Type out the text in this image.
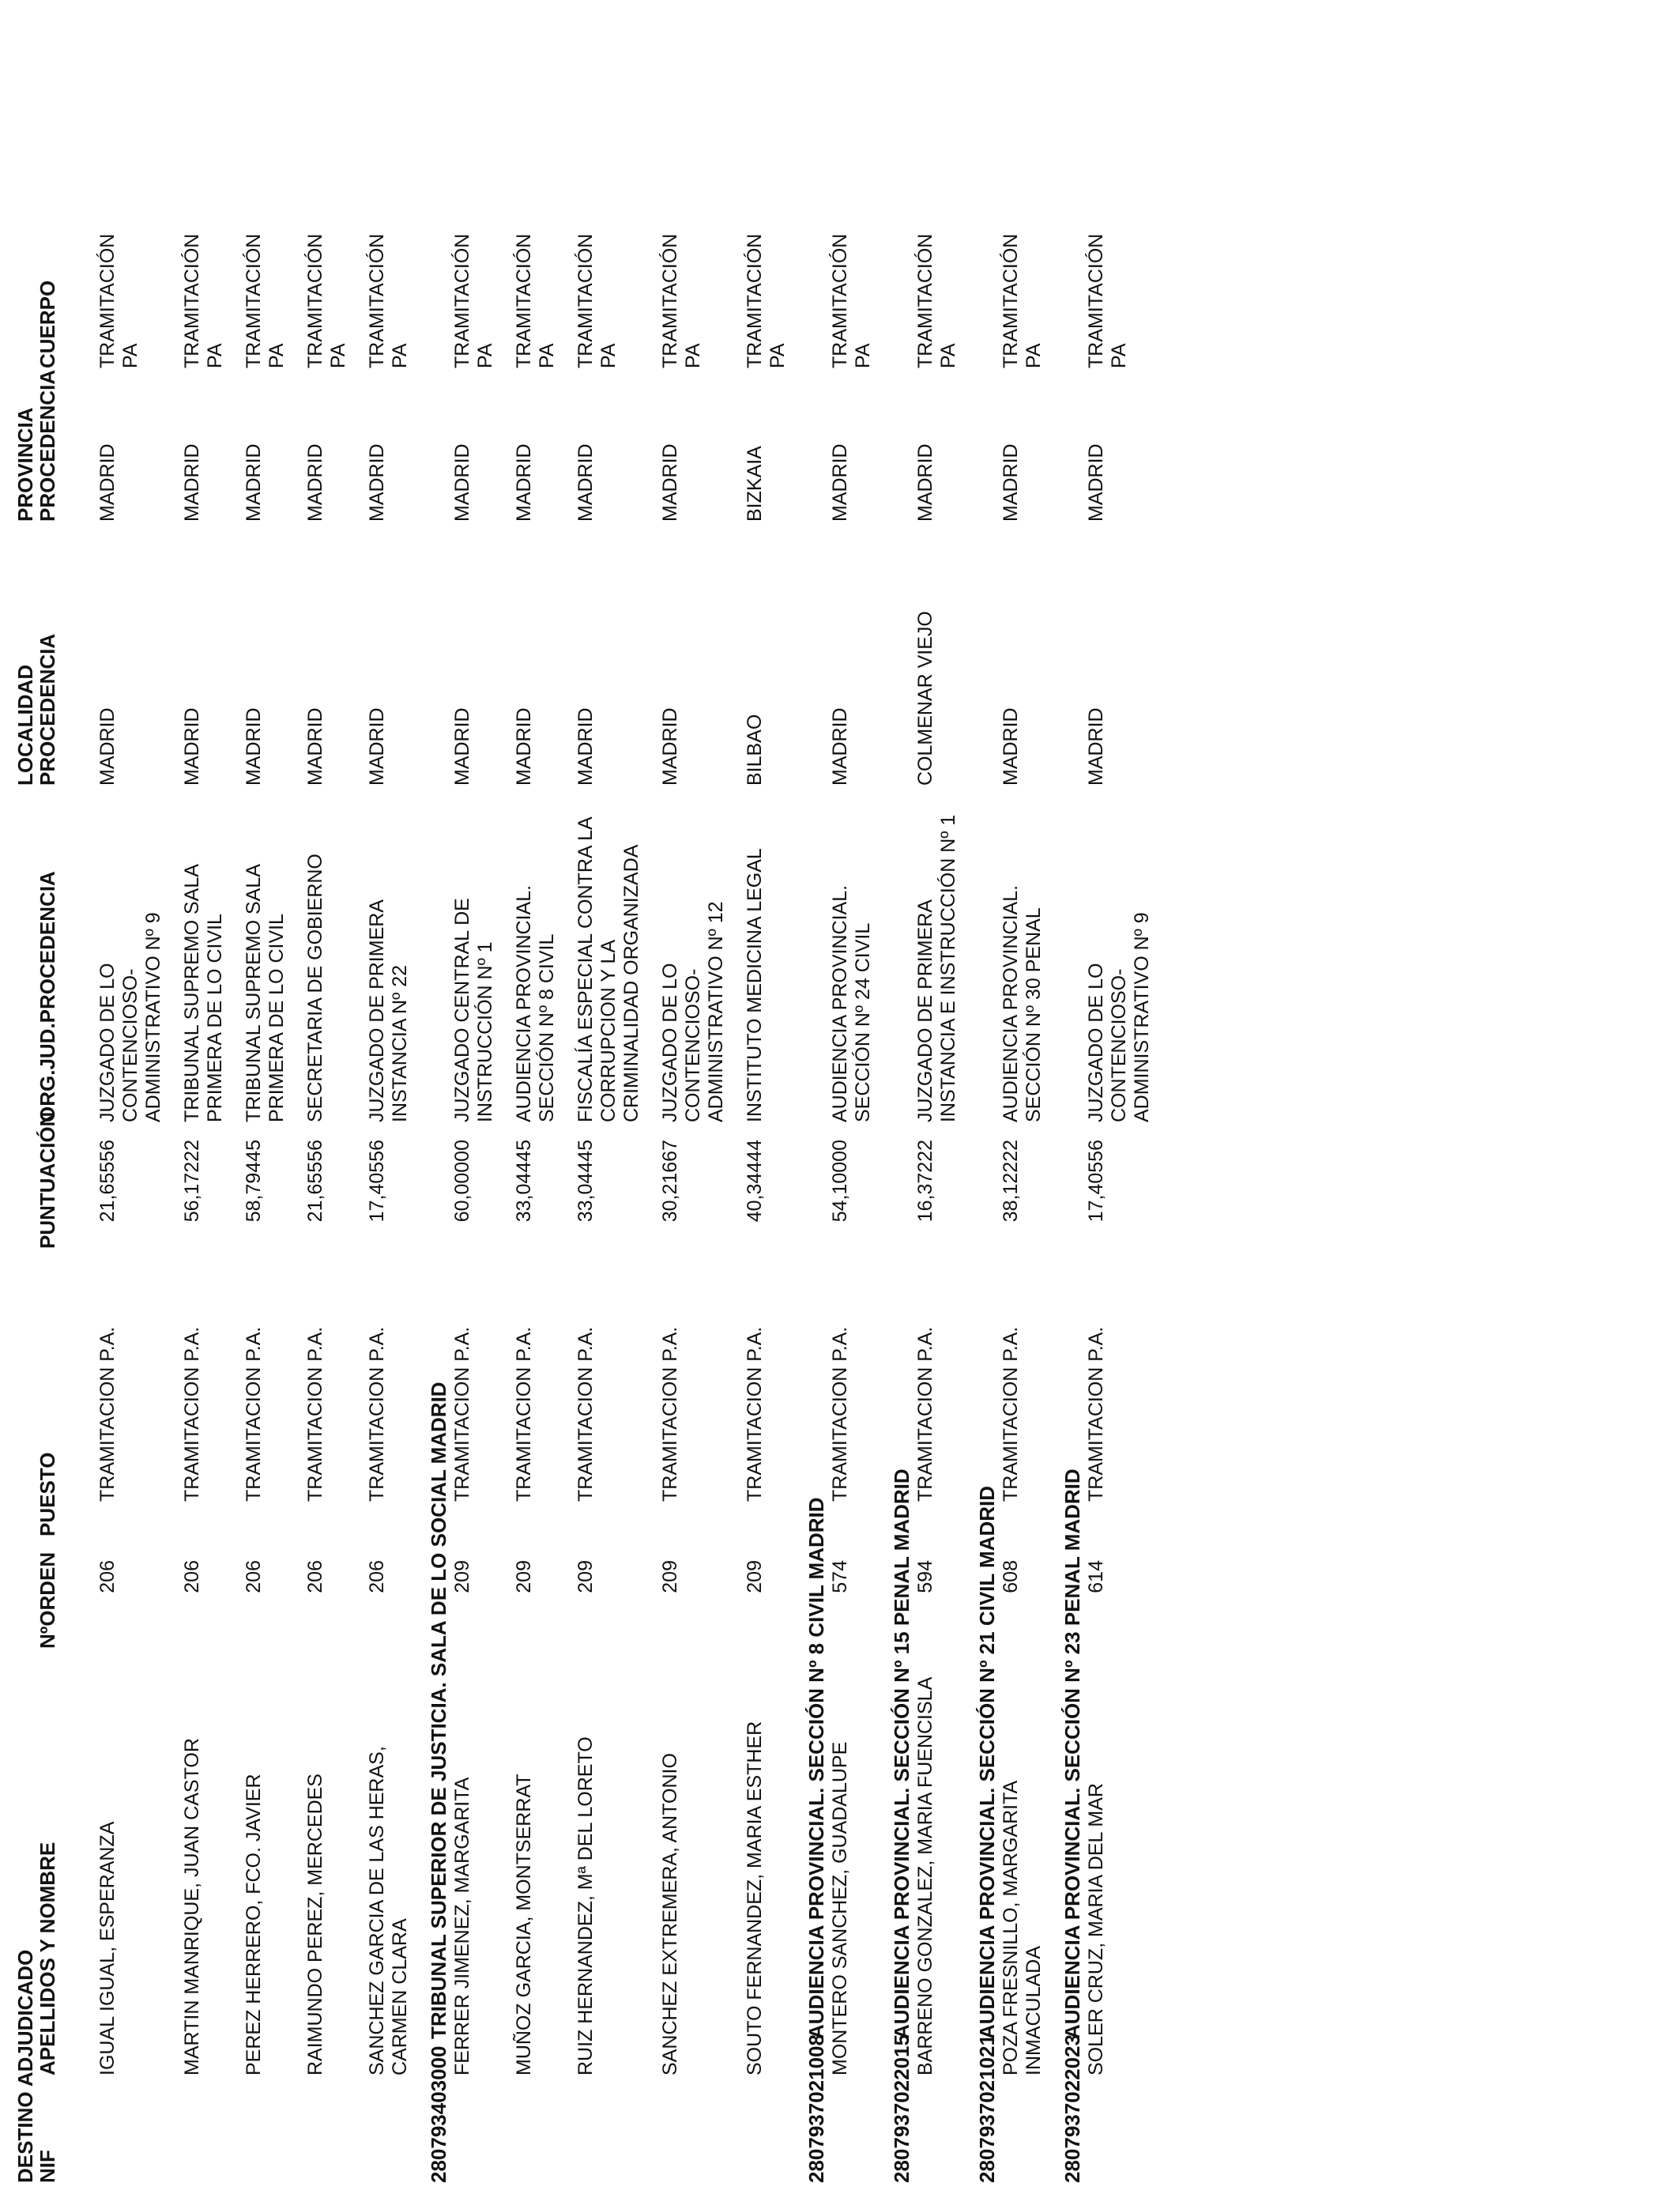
DESTINO ADJUDICADO
NIF
APELLIDOS Y NOMBRE
NºORDEN
PUESTO
PUNTUACIÓN
ORG.JUD.PROCEDENCIA
LOCALIDAD
PROCEDENCIA
PROVINCIA
PROCEDENCIA
CUERPO
IGUAL IGUAL, ESPERANZA
206
TRAMITACION P.A.
21,65556
JUZGADO DE LO
CONTENCIOSO-
ADMINISTRATIVO Nº 9
MADRID
MADRID
TRAMITACIÓN
PA
MARTIN MANRIQUE, JUAN CASTOR
206
TRAMITACION P.A.
56,17222
TRIBUNAL SUPREMO SALA
PRIMERA DE LO CIVIL
MADRID
MADRID
TRAMITACIÓN
PA
PEREZ HERRERO, FCO. JAVIER
206
TRAMITACION P.A.
58,79445
TRIBUNAL SUPREMO SALA
PRIMERA DE LO CIVIL
MADRID
MADRID
TRAMITACIÓN
PA
RAIMUNDO PEREZ, MERCEDES
206
TRAMITACION P.A.
21,65556
SECRETARIA DE GOBIERNO
MADRID
MADRID
TRAMITACIÓN
PA
SANCHEZ GARCIA DE LAS HERAS,
CARMEN CLARA
206
TRAMITACION P.A.
17,40556
JUZGADO DE PRIMERA
INSTANCIA Nº 22
MADRID
MADRID
TRAMITACIÓN
PA
280793403000
TRIBUNAL SUPERIOR DE JUSTICIA. SALA DE LO SOCIAL MADRID FERRER JIMENEZ, MARGARITA
209
TRAMITACION P.A.
60,00000
JUZGADO CENTRAL DE
INSTRUCCIÓN Nº 1
MADRID
MADRID
TRAMITACIÓN
PA
MUÑOZ GARCIA, MONTSERRAT
209
TRAMITACION P.A.
33,04445
AUDIENCIA PROVINCIAL.
SECCIÓN Nº 8 CIVIL
MADRID
MADRID
TRAMITACIÓN
PA
RUIZ HERNANDEZ, Mª DEL LORETO
209
TRAMITACION P.A.
33,04445
FISCALÍA ESPECIAL CONTRA LA
CORRUPCION Y LA
CRIMINALIDAD ORGANIZADA
MADRID
MADRID
TRAMITACIÓN
PA
SANCHEZ EXTREMERA, ANTONIO
209
TRAMITACION P.A.
30,21667
JUZGADO DE LO
CONTENCIOSO-
ADMINISTRATIVO Nº 12
MADRID
MADRID
TRAMITACIÓN
PA
SOUTO FERNANDEZ, MARIA ESTHER
209
TRAMITACION P.A.
40,34444
INSTITUTO MEDICINA LEGAL
BILBAO
BIZKAIA
TRAMITACIÓN
PA
2807937021008
AUDIENCIA PROVINCIAL. SECCIÓN Nº 8 CIVIL MADRID MONTERO SANCHEZ, GUADALUPE
574
TRAMITACION P.A.
54,10000
AUDIENCIA PROVINCIAL.
SECCIÓN Nº 24 CIVIL
MADRID
MADRID
TRAMITACIÓN
PA
2807937022015
AUDIENCIA PROVINCIAL. SECCIÓN Nº 15 PENAL MADRID BARRENO GONZALEZ, MARIA FUENCISLA
594
TRAMITACION P.A.
16,37222
JUZGADO DE PRIMERA
INSTANCIA E INSTRUCCIÓN Nº 1
COLMENAR VIEJO
MADRID
TRAMITACIÓN
PA
2807937021021
AUDIENCIA PROVINCIAL. SECCIÓN Nº 21 CIVIL MADRID
POZA FRESNILLO, MARGARITA
INMACULADA
608
TRAMITACION P.A.
38,12222
AUDIENCIA PROVINCIAL.
SECCIÓN Nº 30 PENAL
MADRID
MADRID
TRAMITACIÓN
PA
2807937022023
AUDIENCIA PROVINCIAL. SECCIÓN Nº 23 PENAL MADRID SOLER CRUZ, MARIA DEL MAR
614
TRAMITACION P.A.
17,40556
JUZGADO DE LO
CONTENCIOSO-
ADMINISTRATIVO Nº 9
MADRID
MADRID
TRAMITACIÓN
PA
